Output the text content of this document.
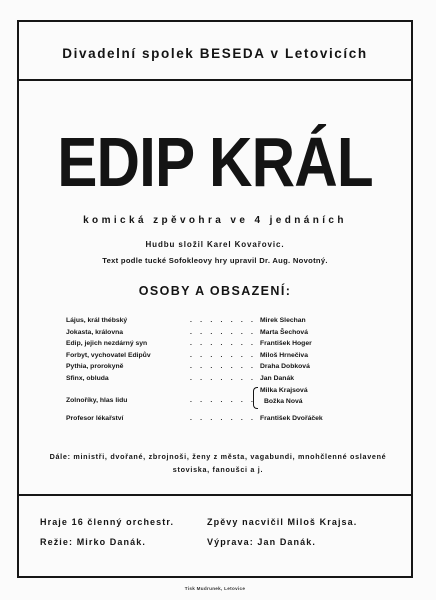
Divadelní spolek BESEDA v Letovicích
EDIP KRÁL
komická zpěvohra ve 4 jednáních
Hudbu složil Karel Kovařovic.
Text podle tucké Sofokleovy hry upravil Dr. Aug. Novotný.
OSOBY A OBSAZENÍ:
Lájus, král thébský	. . . . . . . Mirek Slechan
Jokasta, královna	. . . . . . . Marta Šechová
Edip, jejich nezdárný syn	. . . . . . . František Hoger
Forbyt, vychovatel Edipův	. . . . . . . Miloš Hrnečiva
Pythia, prorokyně	. . . . . . . Draha Dobková
Sfinx, obluda	. . . . . . . Jan Danák
Zolnoříky, hlas lidu	. . . . . . .
Milka Krajsová
Božka Nová
Profesor lékařství	. . . . . . . František Dvořáček
Dále: ministři, dvořané, zbrojnoši, ženy z města, vagabundi, mnohčlenné oslavené stoviska, fanoušci a j.
Hraje 16 členný orchestr.	Zpěvy nacvičil Miloš Krajsa.
Režie: Mirko Danák.	Výprava: Jan Danák.
Tisk Mudrunek, Letovice
